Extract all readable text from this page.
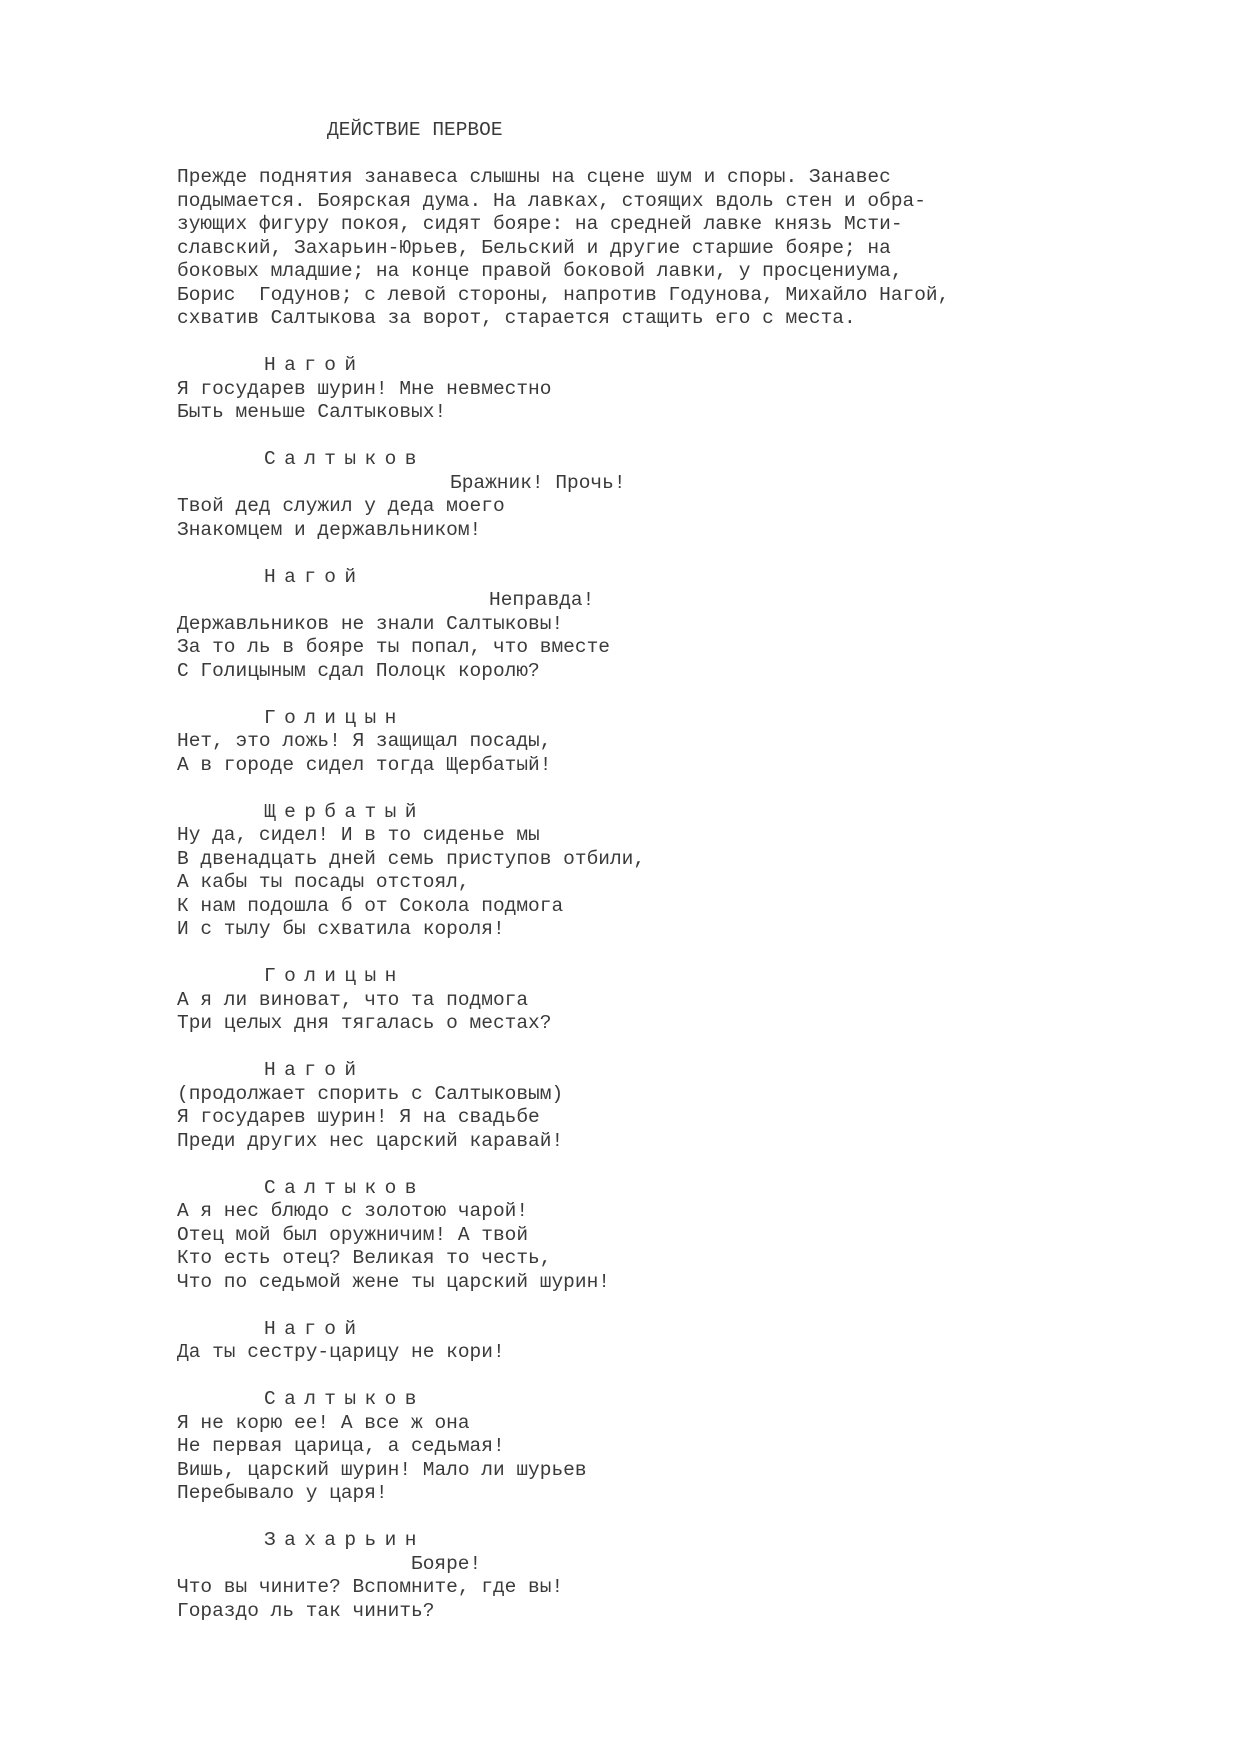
ДЕЙСТВИЕ ПЕРВОЕ
Прежде поднятия занавеса слышны на сцене шум и споры. Занавес
подымается. Боярская дума. На лавках, стоящих вдоль стен и обра-
зующих фигуру покоя, сидят бояре: на средней лавке князь Мсти-
славский, Захарьин-Юрьев, Бельский и другие старшие бояре; на
боковых младшие; на конце правой боковой лавки, у просцениума,
Борис  Годунов; с левой стороны, напротив Годунова, Михайло Нагой,
схватив Салтыкова за ворот, старается стащить его с места.
Нагой
Я государев шурин! Мне невместно
Быть меньше Салтыковых!
Салтыков
Бражник! Прочь!
Твой дед служил у деда моего
Знакомцем и державльником!
Нагой
Неправда!
Державльников не знали Салтыковы!
За то ль в бояре ты попал, что вместе
С Голицыным сдал Полоцк королю?
Голицын
Нет, это ложь! Я защищал посады,
А в городе сидел тогда Щербатый!
Щербатый
Ну да, сидел! И в то сиденье мы
В двенадцать дней семь приступов отбили,
А кабы ты посады отстоял,
К нам подошла б от Сокола подмога
И с тылу бы схватила короля!
Голицын
А я ли виноват, что та подмога
Три целых дня тягалась о местах?
Нагой
(продолжает спорить с Салтыковым)
Я государев шурин! Я на свадьбе
Преди других нес царский каравай!
Салтыков
А я нес блюдо с золотою чарой!
Отец мой был оружничим! А твой
Кто есть отец? Великая то честь,
Что по седьмой жене ты царский шурин!
Нагой
Да ты сестру-царицу не кори!
Салтыков
Я не корю ее! А все ж она
Не первая царица, а седьмая!
Вишь, царский шурин! Мало ли шурьев
Перебывало у царя!
Захарьин
Бояре!
Что вы чините? Вспомните, где вы!
Гораздо ль так чинить?
